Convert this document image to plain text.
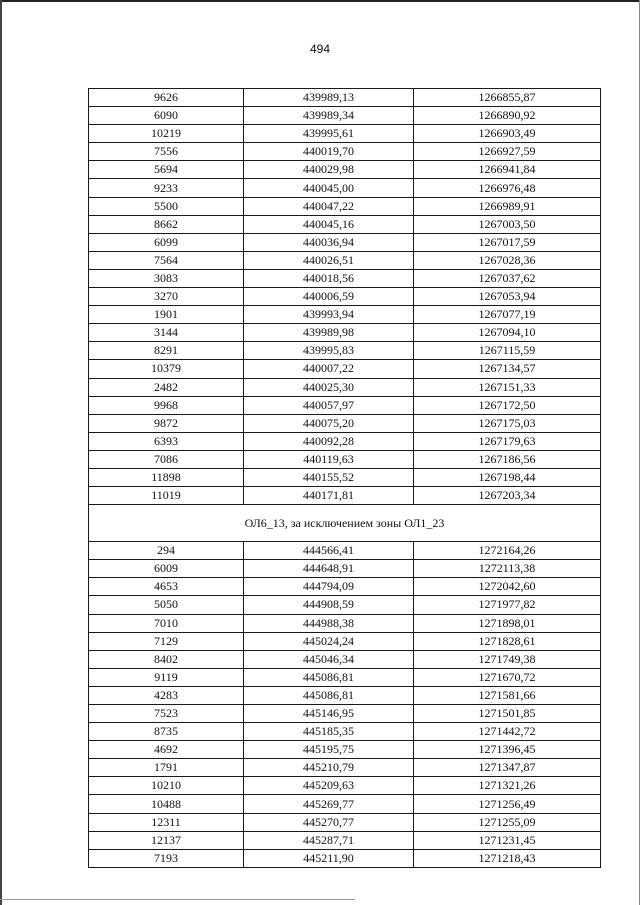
494
9626	439989,13	1266855,87
6090	439989,34	1266890,92
10219	439995,61	1266903,49
7556	440019,70	1266927,59
5694	440029,98	1266941,84
9233	440045,00	1266976,48
5500	440047,22	1266989,91
8662	440045,16	1267003,50
6099	440036,94	1267017,59
7564	440026,51	1267028,36
3083	440018,56	1267037,62
3270	440006,59	1267053,94
1901	439993,94	1267077,19
3144	439989,98	1267094,10
8291	439995,83	1267115,59
10379	440007,22	1267134,57
2482	440025,30	1267151,33
9968	440057,97	1267172,50
9872	440075,20	1267175,03
6393	440092,28	1267179,63
7086	440119,63	1267186,56
11898	440155,52	1267198,44
11019	440171,81	1267203,34
ОЛ6_13, за исключением зоны ОЛ1_23		
294	444566,41	1272164,26
6009	444648,91	1272113,38
4653	444794,09	1272042,60
5050	444908,59	1271977,82
7010	444988,38	1271898,01
7129	445024,24	1271828,61
8402	445046,34	1271749,38
9119	445086,81	1271670,72
4283	445086,81	1271581,66
7523	445146,95	1271501,85
8735	445185,35	1271442,72
4692	445195,75	1271396,45
1791	445210,79	1271347,87
10210	445209,63	1271321,26
10488	445269,77	1271256,49
12311	445270,77	1271255,09
12137	445287,71	1271231,45
7193	445211,90	1271218,43
